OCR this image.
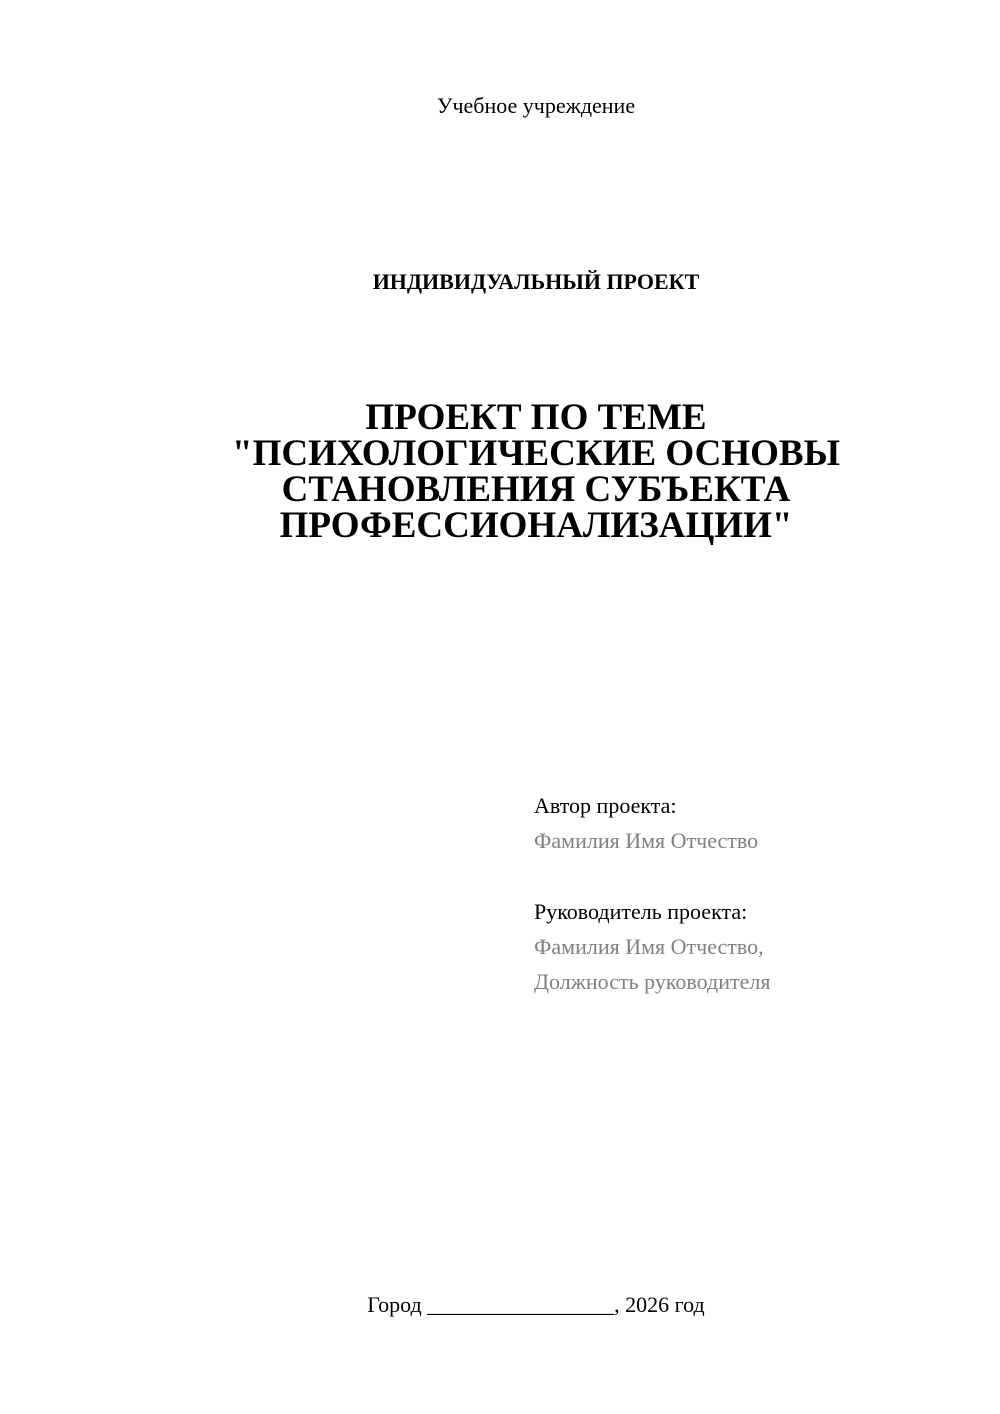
Учебное учреждение
ИНДИВИДУАЛЬНЫЙ ПРОЕКТ
ПРОЕКТ ПО ТЕМЕ
"ПСИХОЛОГИЧЕСКИЕ ОСНОВЫ
СТАНОВЛЕНИЯ СУБЪЕКТА
ПРОФЕССИОНАЛИЗАЦИИ"
Автор проекта:
Фамилия Имя Отчество
Руководитель проекта:
Фамилия Имя Отчество,
Должность руководителя
Город _________________, 2026 год
